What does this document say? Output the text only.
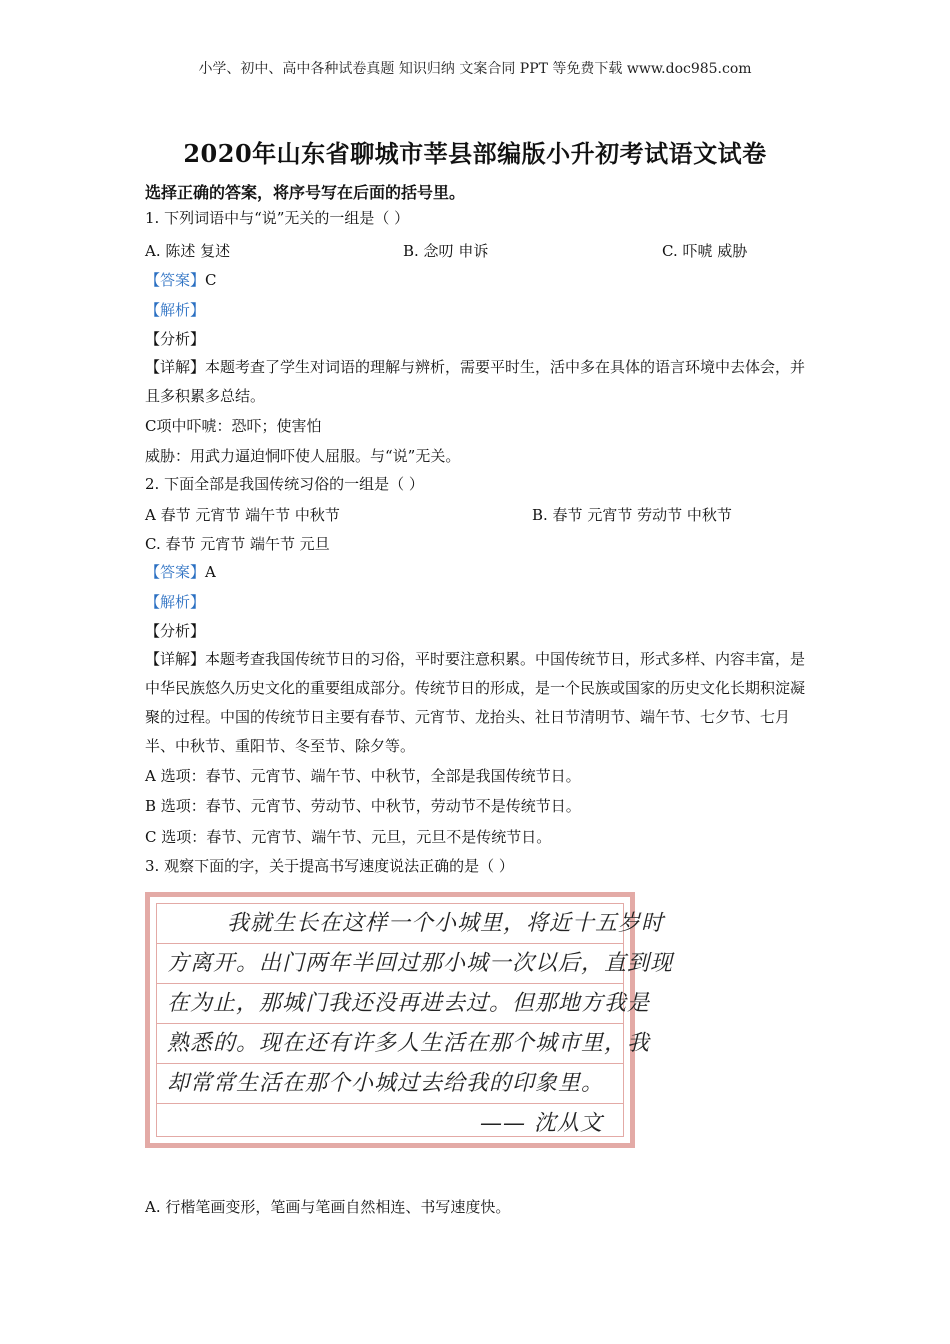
小学、初中、高中各种试卷真题 知识归纳 文案合同 PPT 等免费下载 www.doc985.com
2020年山东省聊城市莘县部编版小升初考试语文试卷
选择正确的答案，将序号写在后面的括号里。
1. 下列词语中与“说”无关的一组是（ ）
A. 陈述 复述	B. 念叨 申诉	C. 吓唬 威胁
【答案】C
【解析】
【分析】
【详解】本题考查了学生对词语的理解与辨析，需要平时生，活中多在具体的语言环境中去体会，并且多积累多总结。
C项中吓唬：恐吓；使害怕
威胁：用武力逼迫恫吓使人屈服。与“说”无关。
2. 下面全部是我国传统习俗的一组是（ ）
A 春节 元宵节 端午节 中秋节	B. 春节 元宵节 劳动节 中秋节
C. 春节 元宵节 端午节 元旦
【答案】A
【解析】
【分析】
【详解】本题考查我国传统节日的习俗，平时要注意积累。中国传统节日，形式多样、内容丰富，是中华民族悠久历史文化的重要组成部分。传统节日的形成，是一个民族或国家的历史文化长期积淀凝聚的过程。中国的传统节日主要有春节、元宵节、龙抬头、社日节清明节、端午节、七夕节、七月半、中秋节、重阳节、冬至节、除夕等。
A 选项：春节、元宵节、端午节、中秋节，全部是我国传统节日。
B 选项：春节、元宵节、劳动节、中秋节，劳动节不是传统节日。
C 选项：春节、元宵节、端午节、元旦，元旦不是传统节日。
3. 观察下面的字，关于提高书写速度说法正确的是（ ）
我就生长在这样一个小城里，将近十五岁时
方离开。出门两年半回过那小城一次以后，直到现
在为止，那城门我还没再进去过。但那地方我是
熟悉的。现在还有许多人生活在那个城市里，我
却常常生活在那个小城过去给我的印象里。
—— 沈从文
A. 行楷笔画变形，笔画与笔画自然相连、书写速度快。
